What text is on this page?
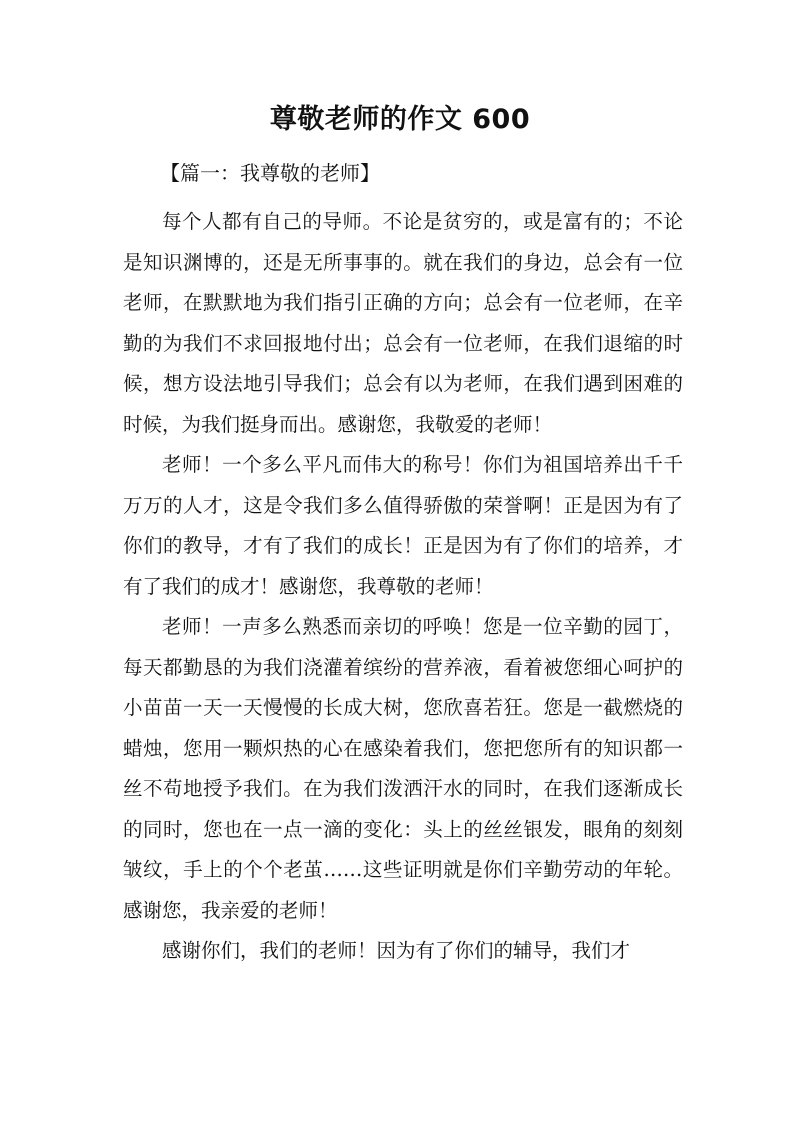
尊敬老师的作文 600
【篇一：我尊敬的老师】

每个人都有自己的导师。不论是贫穷的，或是富有的；不论是知识渊博的，还是无所事事的。就在我们的身边，总会有一位老师，在默默地为我们指引正确的方向；总会有一位老师，在辛勤的为我们不求回报地付出；总会有一位老师，在我们退缩的时候，想方设法地引导我们；总会有以为老师，在我们遇到困难的时候，为我们挺身而出。感谢您，我敬爱的老师！

老师！一个多么平凡而伟大的称号！你们为祖国培养出千千万万的人才，这是令我们多么值得骄傲的荣誉啊！正是因为有了你们的教导，才有了我们的成长！正是因为有了你们的培养，才有了我们的成才！感谢您，我尊敬的老师！

老师！一声多么熟悉而亲切的呼唤！您是一位辛勤的园丁，每天都勤恳的为我们浇灌着缤纷的营养液，看着被您细心呵护的小苗苗一天一天慢慢的长成大树，您欣喜若狂。您是一截燃烧的蜡烛，您用一颗炽热的心在感染着我们，您把您所有的知识都一丝不苟地授予我们。在为我们泼洒汗水的同时，在我们逐渐成长的同时，您也在一点一滴的变化：头上的丝丝银发，眼角的刻刻皱纹，手上的个个老茧……这些证明就是你们辛勤劳动的年轮。感谢您，我亲爱的老师！

感谢你们，我们的老师！因为有了你们的辅导，我们才
